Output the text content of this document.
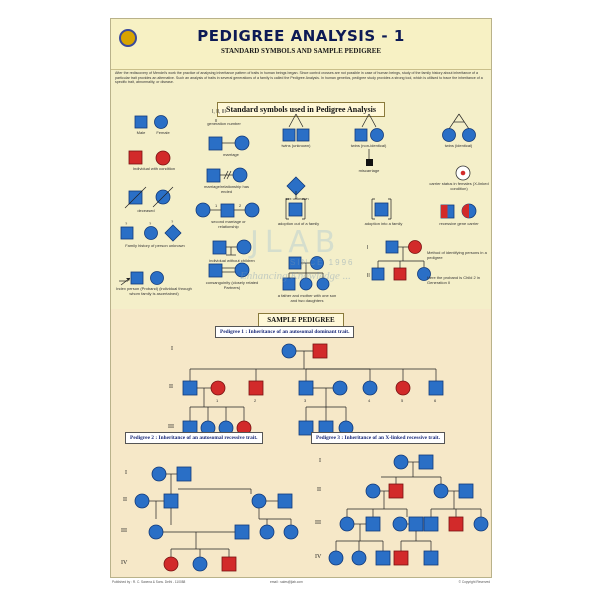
PEDIGREE ANALYSIS - 1
STANDARD SYMBOLS AND SAMPLE PEDIGREE
After the rediscovery of Mendel's work the practice of analysing inheritance pattern of traits in human beings began. Since control crosses are not possible in case of human beings, study of the family history about inheritance of a particular trait provides an alternative. Such an analysis of traits in several generations of a family is called the Pedigree Analysis. In human genetics, pedigree study provides a strong tool, which is utilised to trace the inheritance of a specific trait, abnormality, or disease.
Standard symbols used in Pedigree Analysis
SAMPLE PEDIGREE
1	2
?	?	?
I
II
1	2	3	4	5	6
Male	Female
I, II, III
generation number
marriage
twins (unknown)	twins (non-identical)	twins (identical)
Individual with condition
marriage/relationship has ended
sex unknown
miscarriage
carrier status in females (X-linked condition)
deceased
second marriage or relationship
adoption out of a family	adoption into a family	recessive gene carrier
Family history of person unknown
individual without children
Method of identifying persons in a pedigree
Index person (Proband) (individual through whom family is ascertained)
consanguinity (closely related Partners)
a father and mother with one son and two daughters
Here the proband is Child 2 in Generation II
Pedigree 1 : Inheritance of an autosomal dominant trait.
Pedigree 2 : Inheritance of an autosomal recessive trait.	Pedigree 3 : Inheritance of an X-linked recessive trait.
I
II
III
I
II
III
IV
I
II
III
IV
JLAB
SINCE 1996
Enhancing Knowledge ...
Published by : R. C. Saxena & Sons. Delhi - 110088	email : sales@jlab.com	© Copyright Reserved
